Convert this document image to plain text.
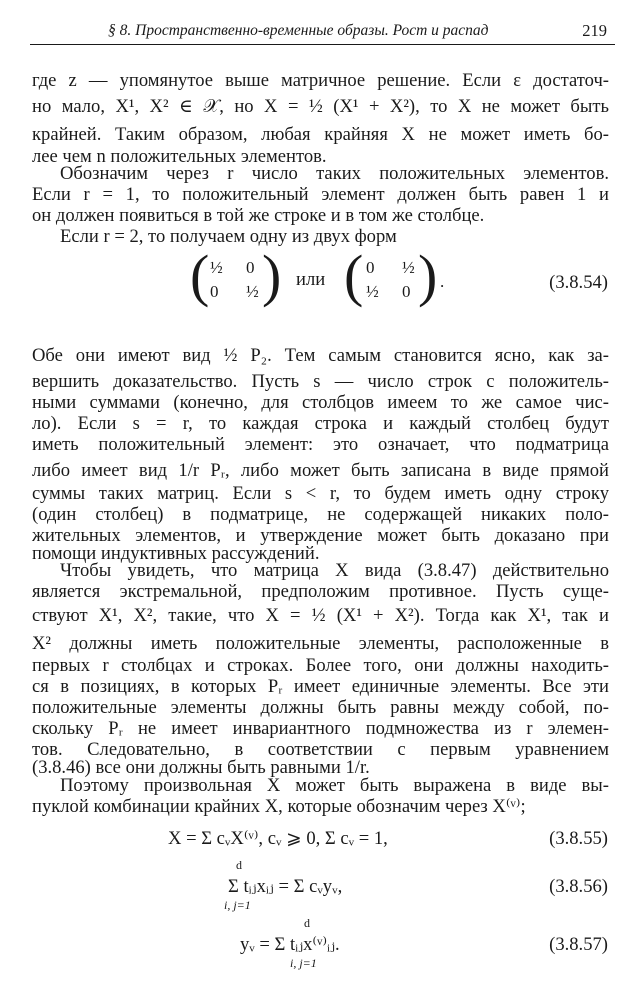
§ 8. Пространственно-временные образы. Рост и распад	219
где z — упомянутое выше матричное решение. Если ε достаточ-
но мало, X¹, X² ∈ 𝒳, но X = ½ (X¹ + X²), то X не может быть
крайней. Таким образом, любая крайняя X не может иметь бо-
лее чем n положительных элементов.
Обозначим через r число таких положительных элементов.
Если r = 1, то положительный элемент должен быть равен 1 и
он должен появиться в той же строке и в том же столбце.
Если r = 2, то получаем одну из двух форм
( ½ 0
0 ½ ) или ( 0 ½
½ 0 ) .	(3.8.54)
Обе они имеют вид ½ P₂. Тем самым становится ясно, как за-
вершить доказательство. Пусть s — число строк с положитель-
ными суммами (конечно, для столбцов имеем то же самое чис-
ло). Если s = r, то каждая строка и каждый столбец будут
иметь положительный элемент: это означает, что подматрица
либо имеет вид 1/r Pᵣ, либо может быть записана в виде прямой
суммы таких матриц. Если s < r, то будем иметь одну строку
(один столбец) в подматрице, не содержащей никаких поло-
жительных элементов, и утверждение может быть доказано при
помощи индуктивных рассуждений.
Чтобы увидеть, что матрица X вида (3.8.47) действительно
является экстремальной, предположим противное. Пусть суще-
ствуют X¹, X², такие, что X = ½ (X¹ + X²). Тогда как X¹, так и
X² должны иметь положительные элементы, расположенные в
первых r столбцах и строках. Более того, они должны находить-
ся в позициях, в которых Pᵣ имеет единичные элементы. Все эти
положительные элементы должны быть равны между собой, по-
скольку Pᵣ не имеет инвариантного подмножества из r элемен-
тов. Следовательно, в соответствии с первым уравнением
(3.8.46) все они должны быть равными 1/r.
Поэтому произвольная X может быть выражена в виде вы-
пуклой комбинации крайних X, которые обозначим через X⁽ᵛ⁾;
X = Σ cᵥX⁽ᵛ⁾, cᵥ ⩾ 0, Σ cᵥ = 1,	(3.8.55)
d
Σ tᵢⱼxᵢⱼ = Σ cᵥyᵥ,
i, j=1
(3.8.56)
d
yᵥ = Σ tᵢⱼx⁽ᵛ⁾ᵢⱼ.
i, j=1
(3.8.57)
